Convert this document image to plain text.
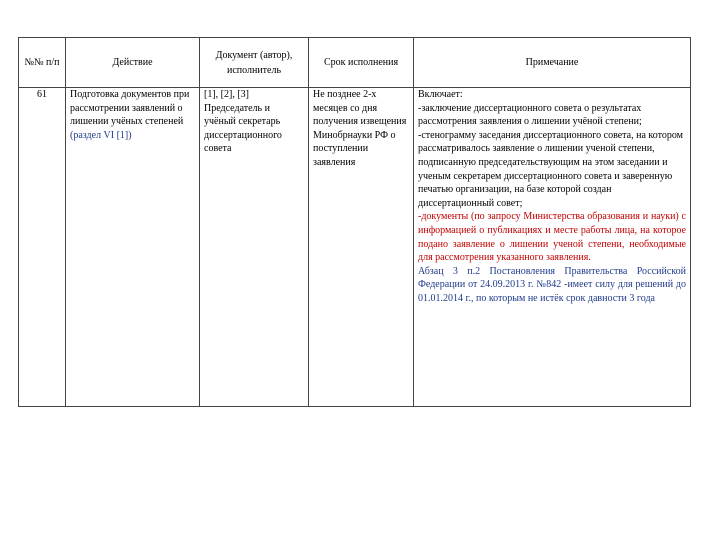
№№ п/п	Действие	Документ (автор), исполнитель	Срок исполнения	Примечание
61	Подготовка документов при рассмотрении заявлений о лишении учёных степеней (раздел VI [1])	[1], [2], [3] Председатель и учёный секретарь диссертационного совета	Не позднее 2-х месяцев со дня получения извещения Минобрнауки РФ о поступлении заявления	Включает:
-заключение диссертационного совета о результатах рассмотрения заявления о лишении учёной степени;
-стенограмму заседания диссертационного совета, на котором рассматривалось заявление о лишении ученой степени, подписанную председательствующим на этом заседании и ученым секретарем диссертационного совета и заверенную печатью организации, на базе которой создан диссертационный совет;
-документы (по запросу Министерства образования и науки) с информацией о публикациях и месте работы лица, на которое подано заявление о лишении ученой степени, необходимые для рассмотрения указанного заявления.
Абзац 3 п.2 Постановления Правительства Российской Федерации от 24.09.2013 г. №842 -имеет силу для решений до 01.01.2014 г., по которым не истёк срок давности 3 года
